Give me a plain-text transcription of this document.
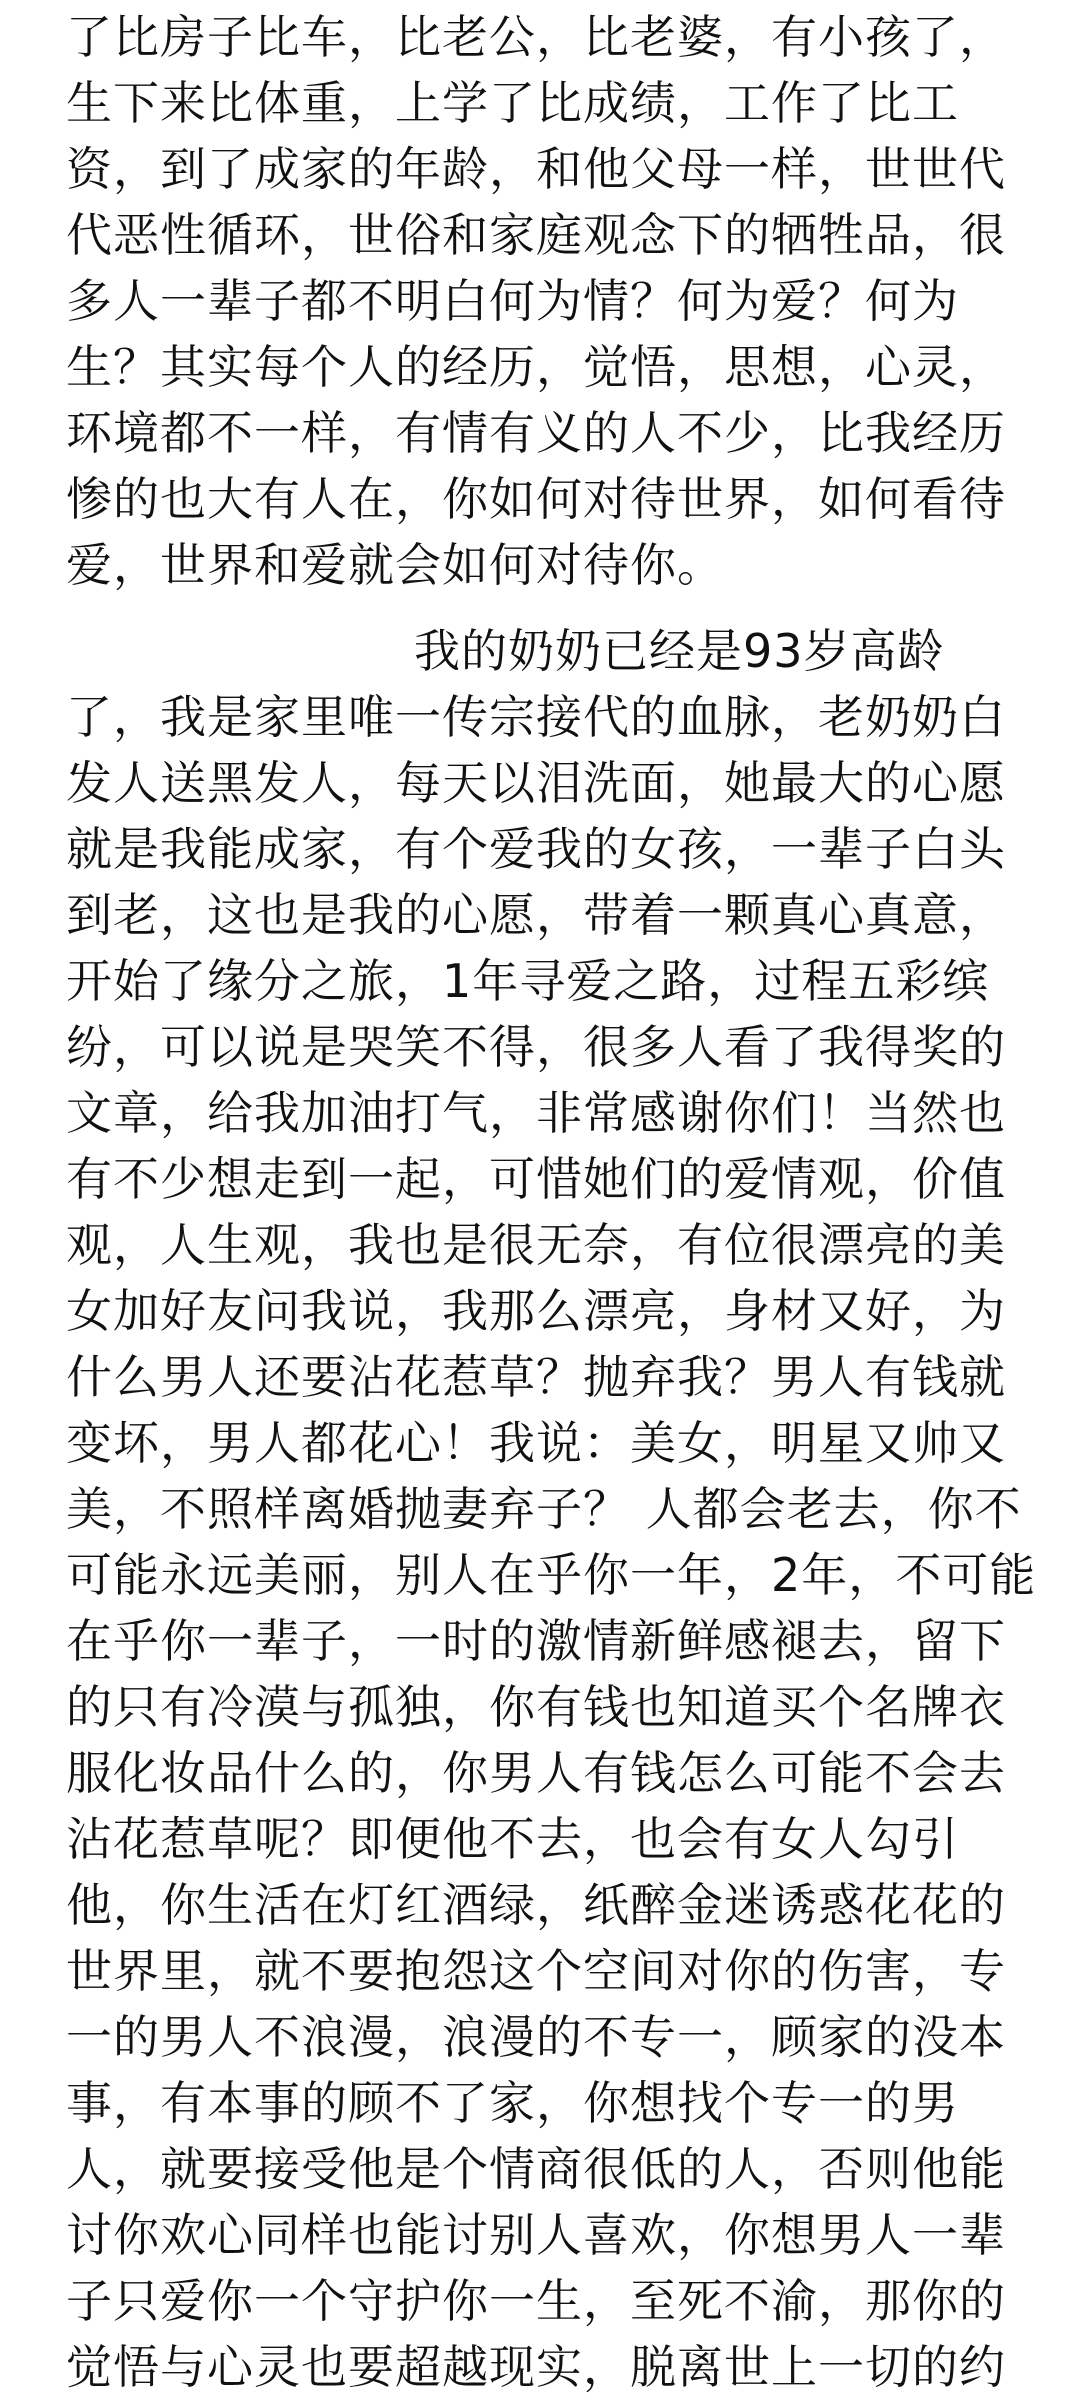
了比房子比车，比老公，比老婆，有小孩了，
生下来比体重，上学了比成绩，工作了比工
资，到了成家的年龄，和他父母一样，世世代
代恶性循环，世俗和家庭观念下的牺牲品，很
多人一辈子都不明白何为情？何为爱？何为
生？其实每个人的经历，觉悟，思想，心灵，
环境都不一样，有情有义的人不少，比我经历
惨的也大有人在，你如何对待世界，如何看待
爱，世界和爱就会如何对待你。
我的奶奶已经是93岁高龄
了，我是家里唯一传宗接代的血脉，老奶奶白
发人送黑发人，每天以泪洗面，她最大的心愿
就是我能成家，有个爱我的女孩，一辈子白头
到老，这也是我的心愿，带着一颗真心真意，
开始了缘分之旅，1年寻爱之路，过程五彩缤
纷，可以说是哭笑不得，很多人看了我得奖的
文章，给我加油打气，非常感谢你们！当然也
有不少想走到一起，可惜她们的爱情观，价值
观，人生观，我也是很无奈，有位很漂亮的美
女加好友问我说，我那么漂亮，身材又好，为
什么男人还要沾花惹草？抛弃我？男人有钱就
变坏，男人都花心！我说：美女，明星又帅又
美，不照样离婚抛妻弃子？ 人都会老去，你不
可能永远美丽，别人在乎你一年，2年，不可能
在乎你一辈子，一时的激情新鲜感褪去，留下
的只有冷漠与孤独，你有钱也知道买个名牌衣
服化妆品什么的，你男人有钱怎么可能不会去
沾花惹草呢？即便他不去，也会有女人勾引
他，你生活在灯红酒绿，纸醉金迷诱惑花花的
世界里，就不要抱怨这个空间对你的伤害，专
一的男人不浪漫，浪漫的不专一，顾家的没本
事，有本事的顾不了家，你想找个专一的男
人，就要接受他是个情商很低的人，否则他能
讨你欢心同样也能讨别人喜欢，你想男人一辈
子只爱你一个守护你一生，至死不渝，那你的
觉悟与心灵也要超越现实，脱离世上一切的约
